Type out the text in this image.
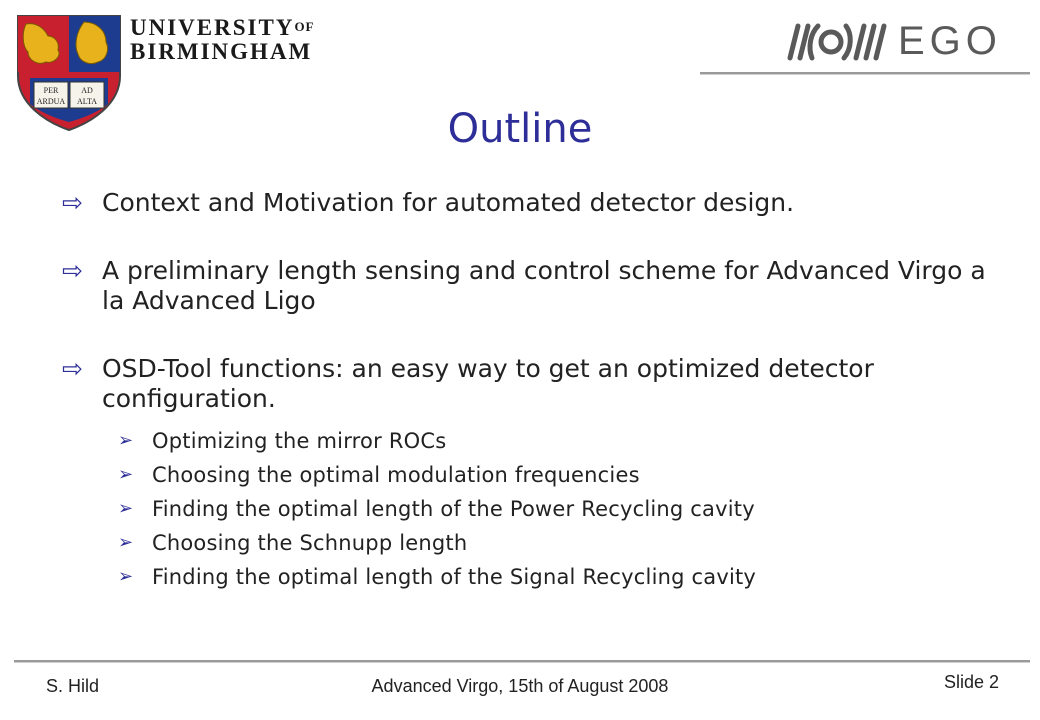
PER
ARDUA
AD
ALTA
$UNIVERSITY^{OF}$
BIRMINGHAM	EGO
Outline
⇨ Context and Motivation for automated detector design.
⇨ A preliminary length sensing and control scheme for Advanced Virgo a la Advanced Ligo
⇨ OSD-Tool functions: an easy way to get an optimized detector configuration.
➢ Optimizing the mirror ROCs
➢ Choosing the optimal modulation frequencies
➢ Finding the optimal length of the Power Recycling cavity
➢ Choosing the Schnupp length
➢ Finding the optimal length of the Signal Recycling cavity
S. Hild	Advanced Virgo, 15th of August 2008	Slide 2
